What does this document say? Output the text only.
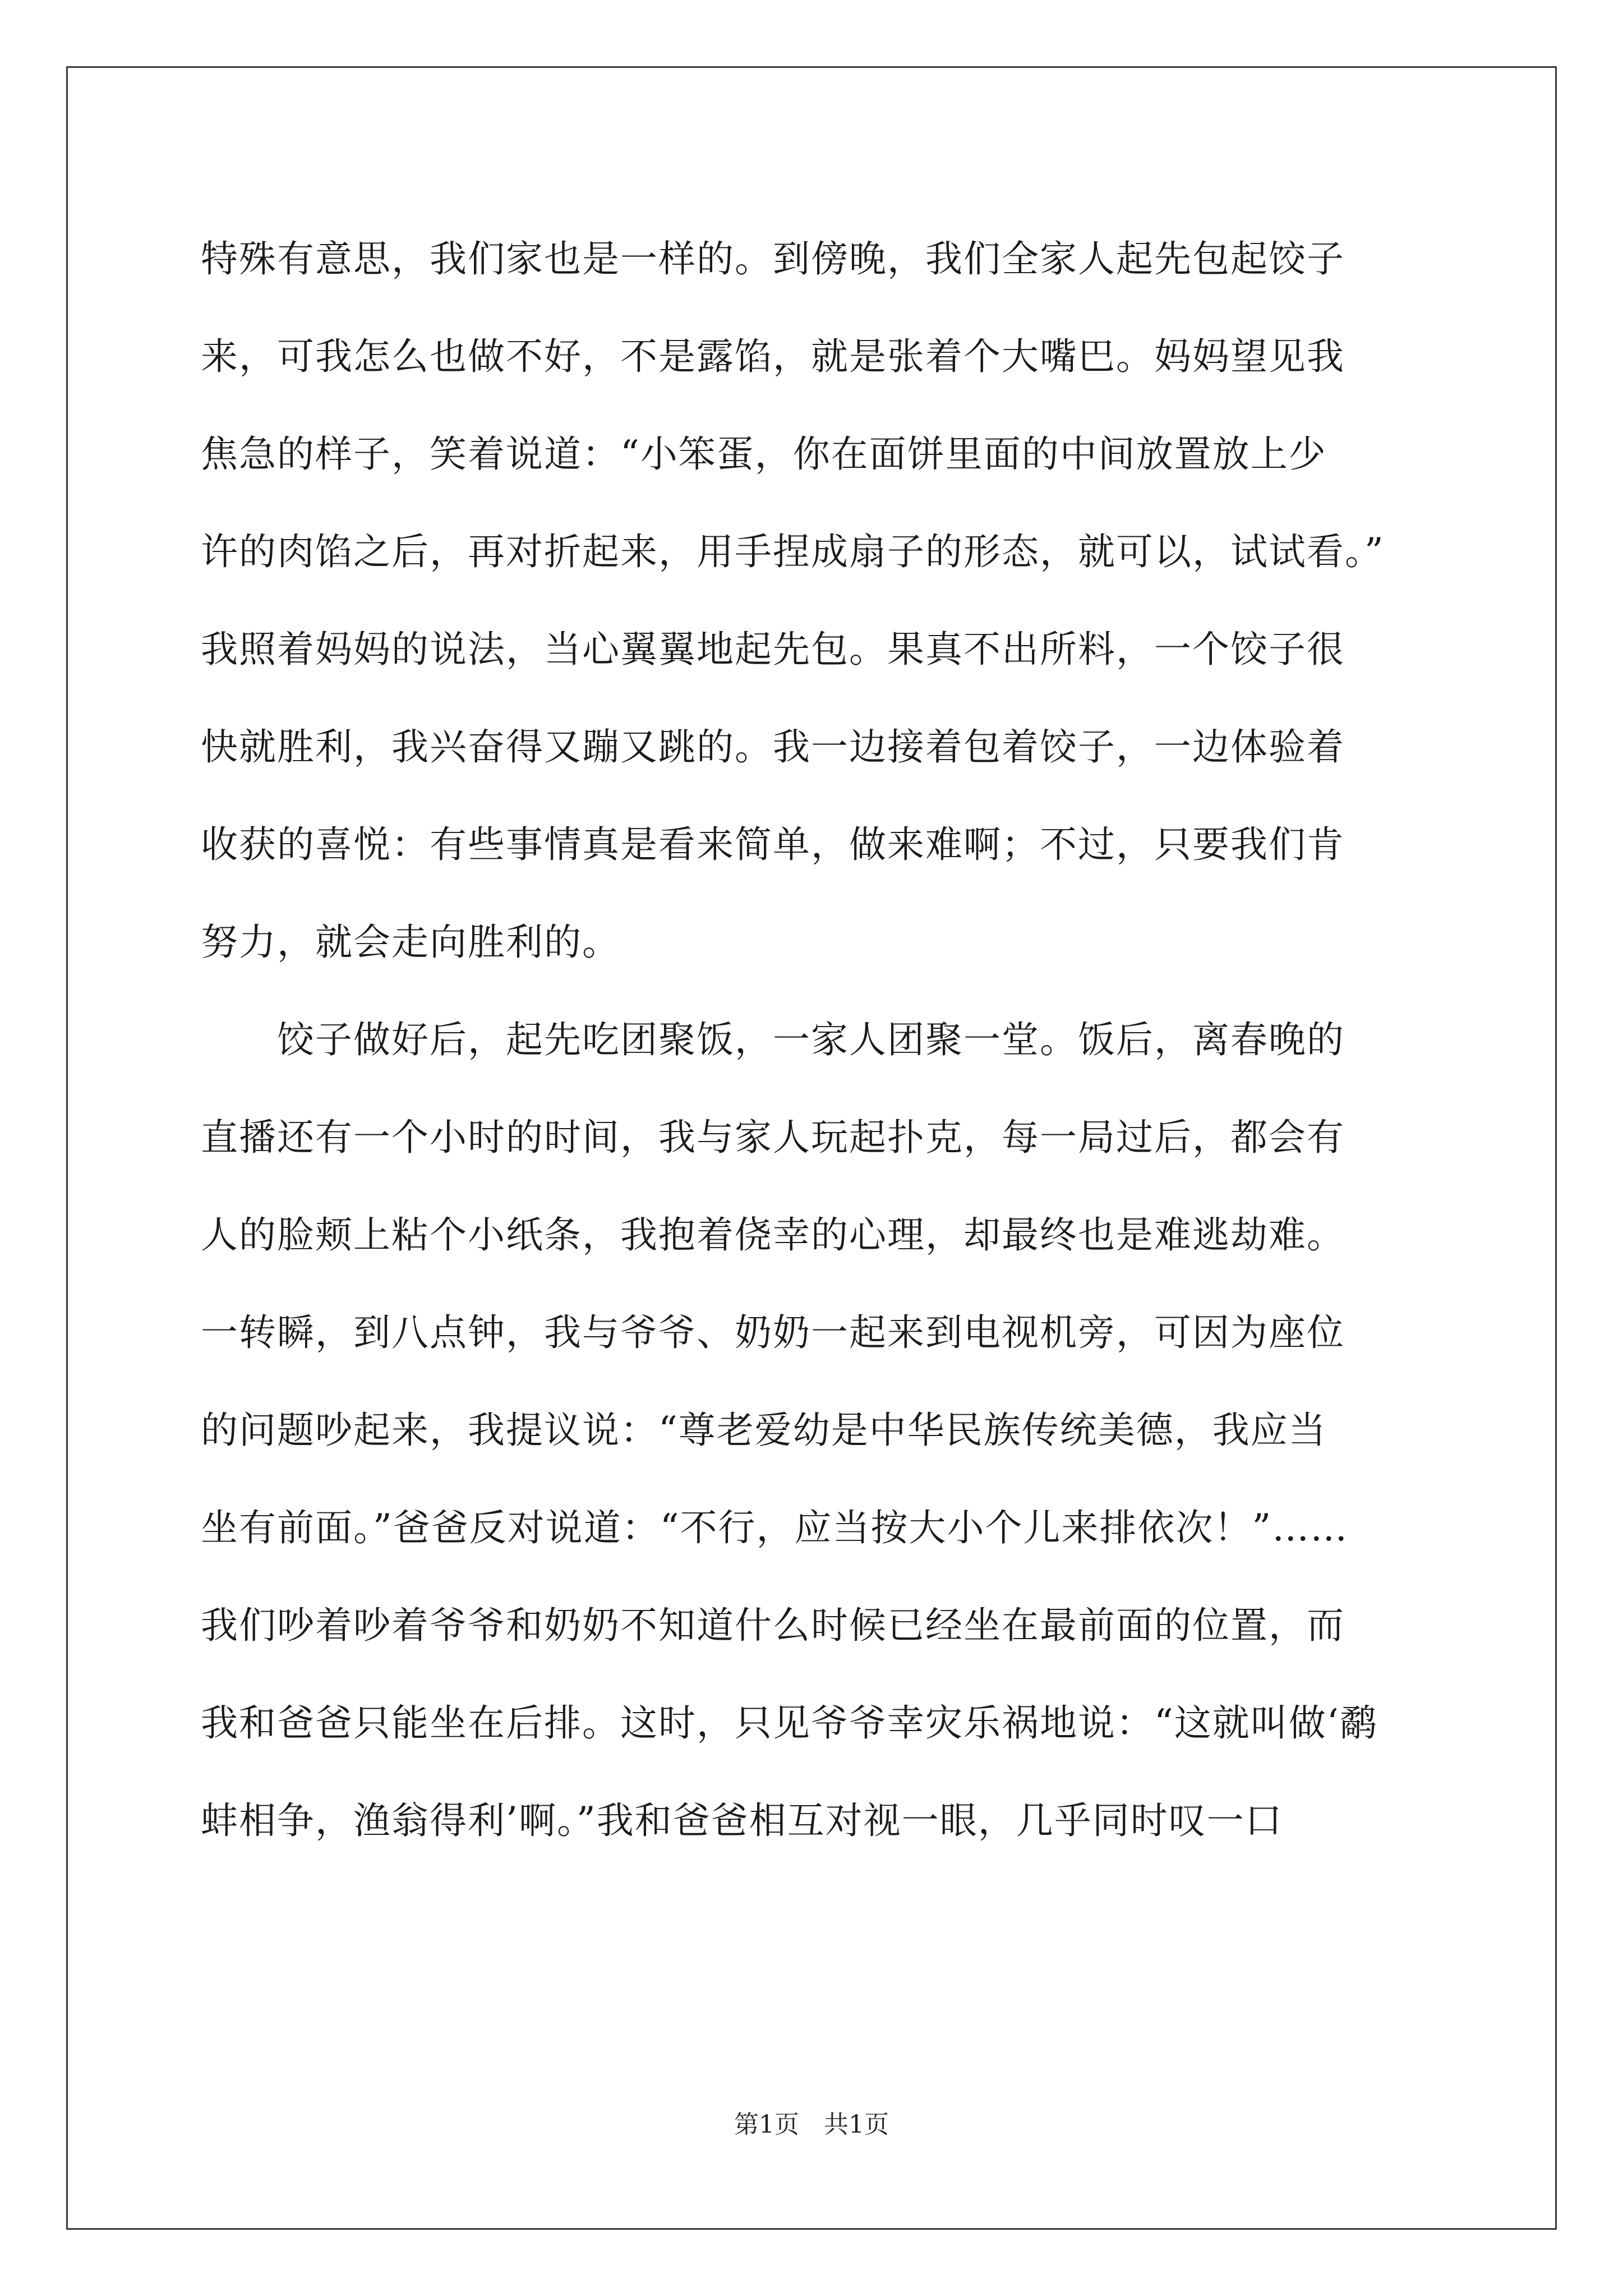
特殊有意思，我们家也是一样的。到傍晚，我们全家人起先包起饺子
来，可我怎么也做不好，不是露馅，就是张着个大嘴巴。妈妈望见我
焦急的样子，笑着说道：“小笨蛋，你在面饼里面的中间放置放上少
许的肉馅之后，再对折起来，用手捏成扇子的形态，就可以，试试看。”
我照着妈妈的说法，当心翼翼地起先包。果真不出所料，一个饺子很
快就胜利，我兴奋得又蹦又跳的。我一边接着包着饺子，一边体验着
收获的喜悦：有些事情真是看来简单，做来难啊；不过，只要我们肯
努力，就会走向胜利的。
饺子做好后，起先吃团聚饭，一家人团聚一堂。饭后，离春晚的
直播还有一个小时的时间，我与家人玩起扑克，每一局过后，都会有
人的脸颊上粘个小纸条，我抱着侥幸的心理，却最终也是难逃劫难。
一转瞬，到八点钟，我与爷爷、奶奶一起来到电视机旁，可因为座位
的问题吵起来，我提议说：“尊老爱幼是中华民族传统美德，我应当
坐有前面。”爸爸反对说道：“不行，应当按大小个儿来排依次！”……
我们吵着吵着爷爷和奶奶不知道什么时候已经坐在最前面的位置，而
我和爸爸只能坐在后排。这时，只见爷爷幸灾乐祸地说：“这就叫做‘鹬
蚌相争，渔翁得利’啊。”我和爸爸相互对视一眼，几乎同时叹一口
第1页 共1页
